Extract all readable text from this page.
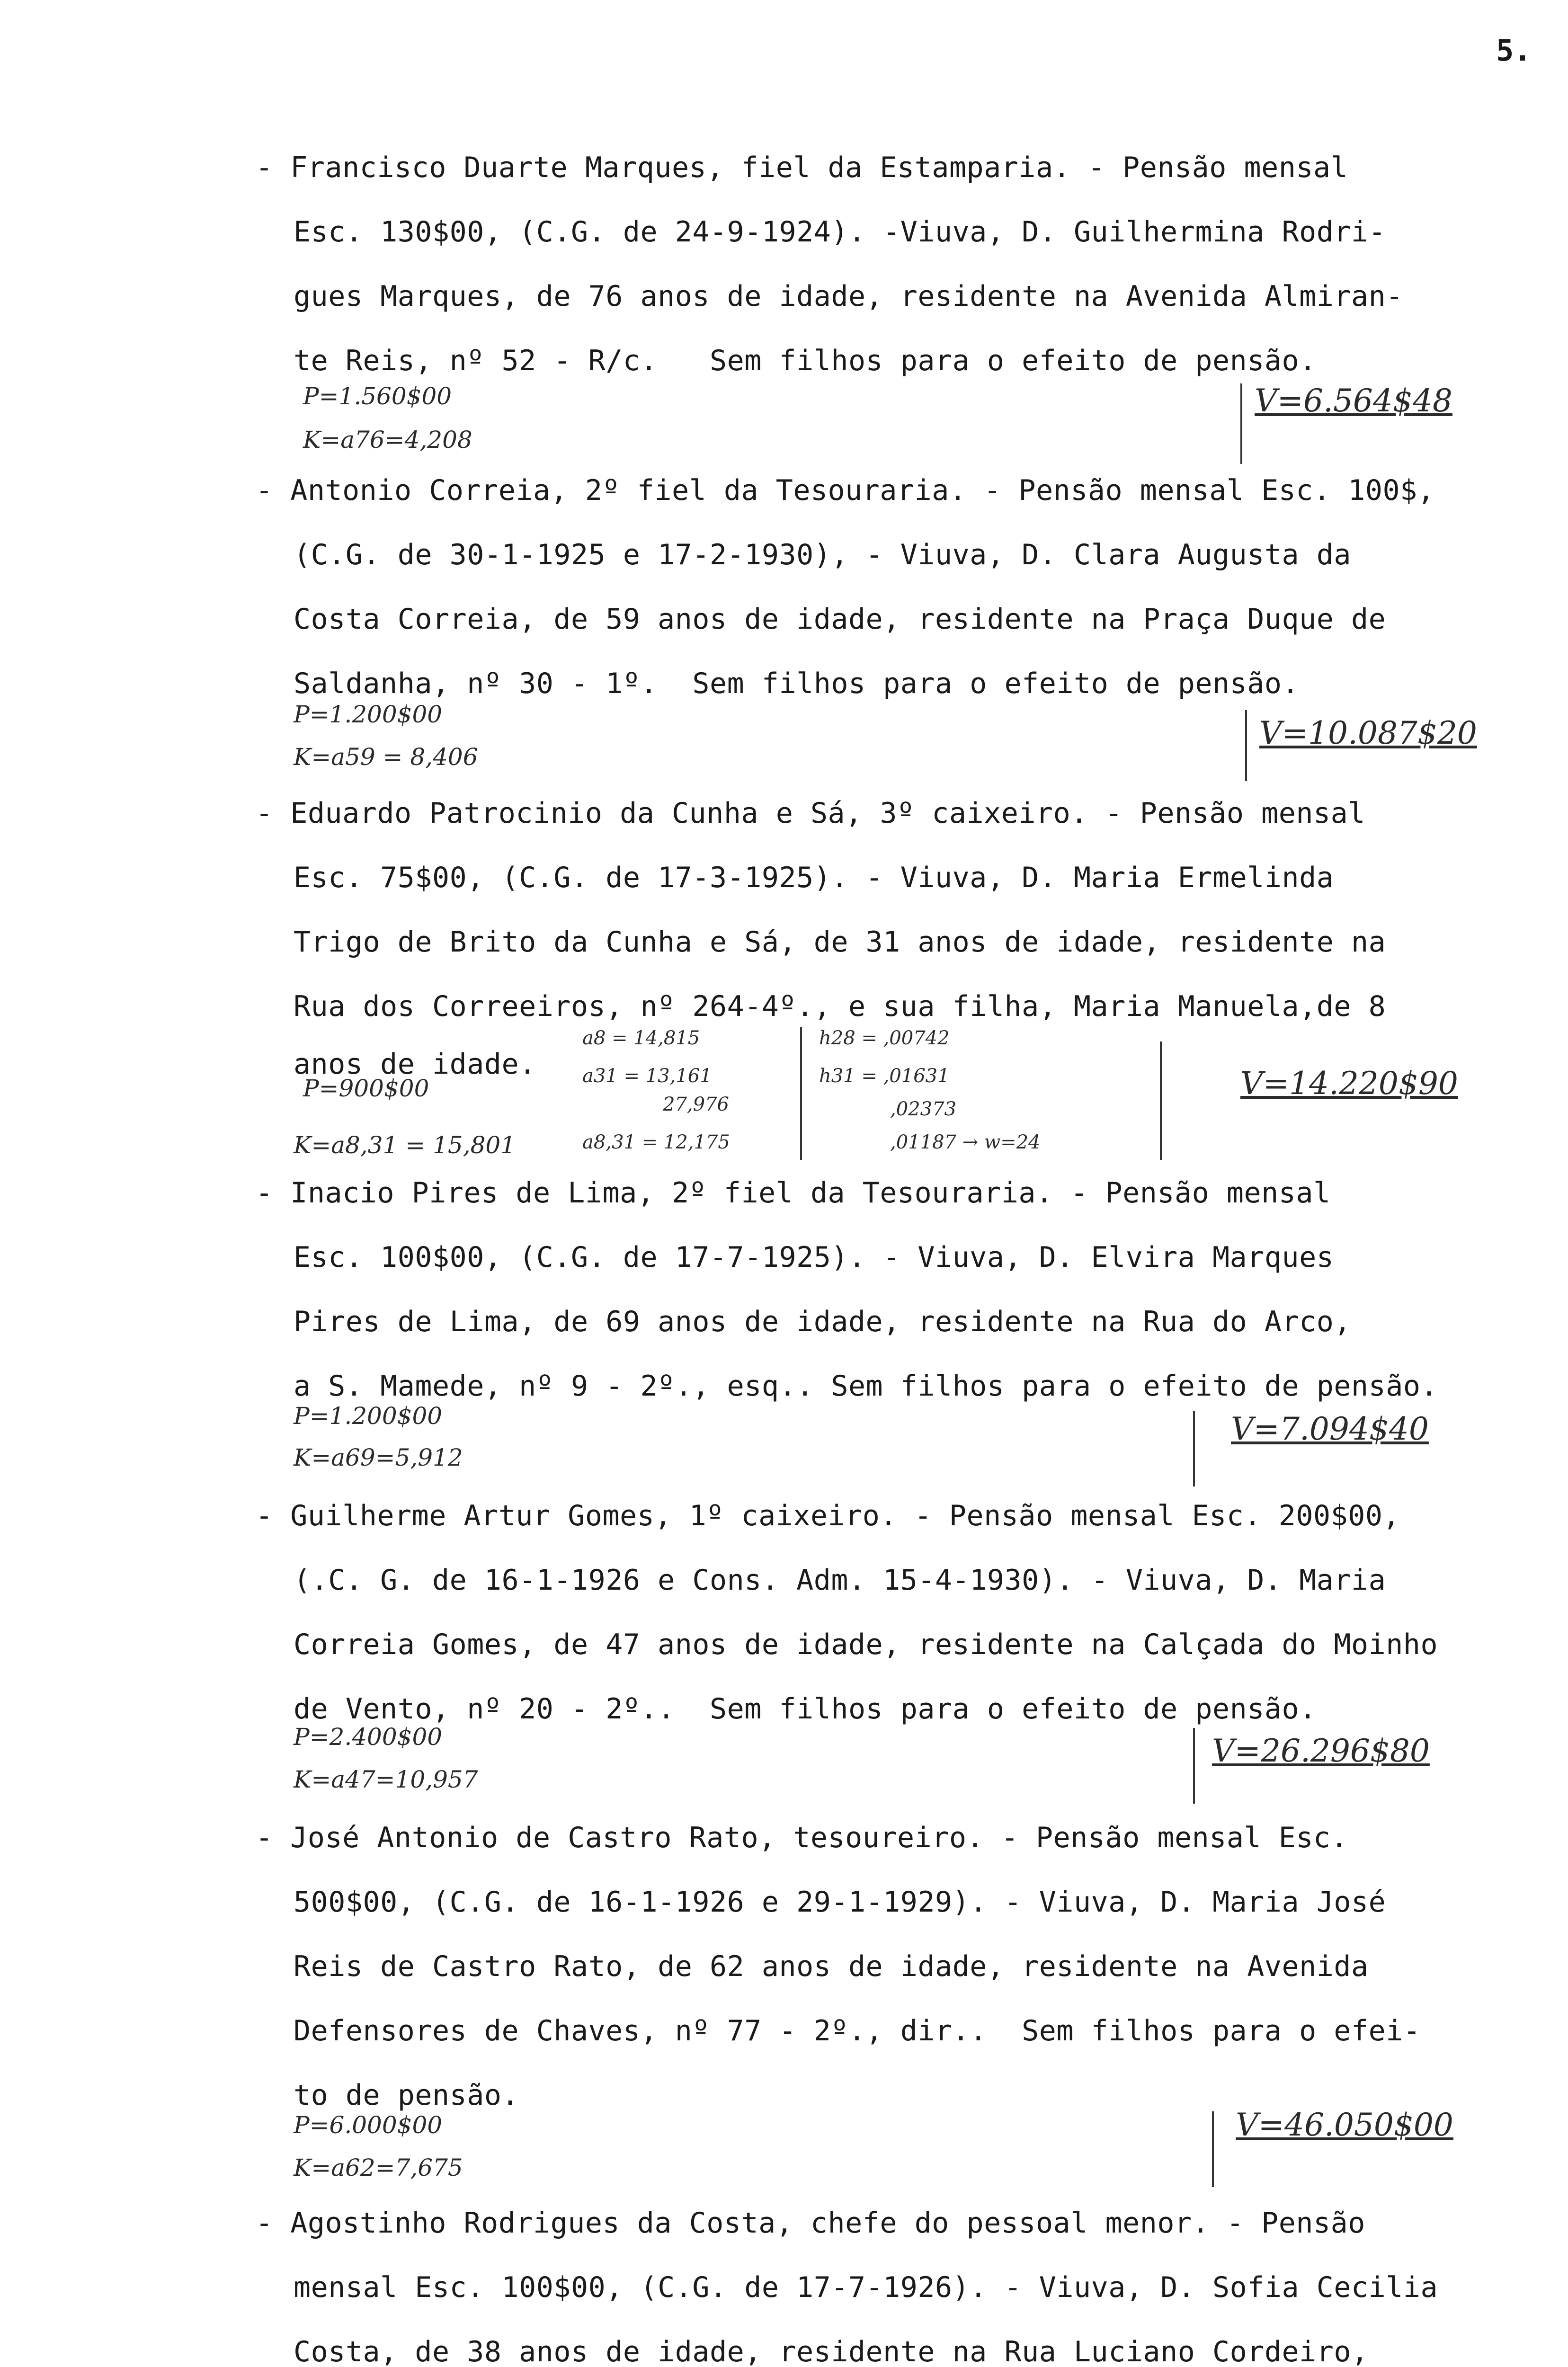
5.
- Francisco Duarte Marques, fiel da Estamparia. - Pensão mensal
Esc. 130$00, (C.G. de 24-9-1924). -Viuva, D. Guilhermina Rodri-
gues Marques, de 76 anos de idade, residente na Avenida Almiran-
te Reis, nº 52 - R/c.   Sem filhos para o efeito de pensão.
P=1.560$00
K=a76=4,208
V=6.564$48
- Antonio Correia, 2º fiel da Tesouraria. - Pensão mensal Esc. 100$,
(C.G. de 30-1-1925 e 17-2-1930), - Viuva, D. Clara Augusta da
Costa Correia, de 59 anos de idade, residente na Praça Duque de
Saldanha, nº 30 - 1º.  Sem filhos para o efeito de pensão.
P=1.200$00
K=a59 = 8,406
V=10.087$20
- Eduardo Patrocinio da Cunha e Sá, 3º caixeiro. - Pensão mensal
Esc. 75$00, (C.G. de 17-3-1925). - Viuva, D. Maria Ermelinda
Trigo de Brito da Cunha e Sá, de 31 anos de idade, residente na
Rua dos Correeiros, nº 264-4º., e sua filha, Maria Manuela,de 8
anos de idade.
P=900$00
K=a8,31 = 15,801
a8 = 14,815
a31 = 13,161
27,976
a8,31 = 12,175
h28 = ,00742
h31 = ,01631
,02373
,01187 → w=24
V=14.220$90
- Inacio Pires de Lima, 2º fiel da Tesouraria. - Pensão mensal
Esc. 100$00, (C.G. de 17-7-1925). - Viuva, D. Elvira Marques
Pires de Lima, de 69 anos de idade, residente na Rua do Arco,
a S. Mamede, nº 9 - 2º., esq.. Sem filhos para o efeito de pensão.
P=1.200$00
K=a69=5,912
V=7.094$40
- Guilherme Artur Gomes, 1º caixeiro. - Pensão mensal Esc. 200$00,
(.C. G. de 16-1-1926 e Cons. Adm. 15-4-1930). - Viuva, D. Maria
Correia Gomes, de 47 anos de idade, residente na Calçada do Moinho
de Vento, nº 20 - 2º..  Sem filhos para o efeito de pensão.
P=2.400$00
K=a47=10,957
V=26.296$80
- José Antonio de Castro Rato, tesoureiro. - Pensão mensal Esc.
500$00, (C.G. de 16-1-1926 e 29-1-1929). - Viuva, D. Maria José
Reis de Castro Rato, de 62 anos de idade, residente na Avenida
Defensores de Chaves, nº 77 - 2º., dir..  Sem filhos para o efei-
to de pensão.
P=6.000$00
K=a62=7,675
V=46.050$00
- Agostinho Rodrigues da Costa, chefe do pessoal menor. - Pensão
mensal Esc. 100$00, (C.G. de 17-7-1926). - Viuva, D. Sofia Cecilia
Costa, de 38 anos de idade, residente na Rua Luciano Cordeiro,
